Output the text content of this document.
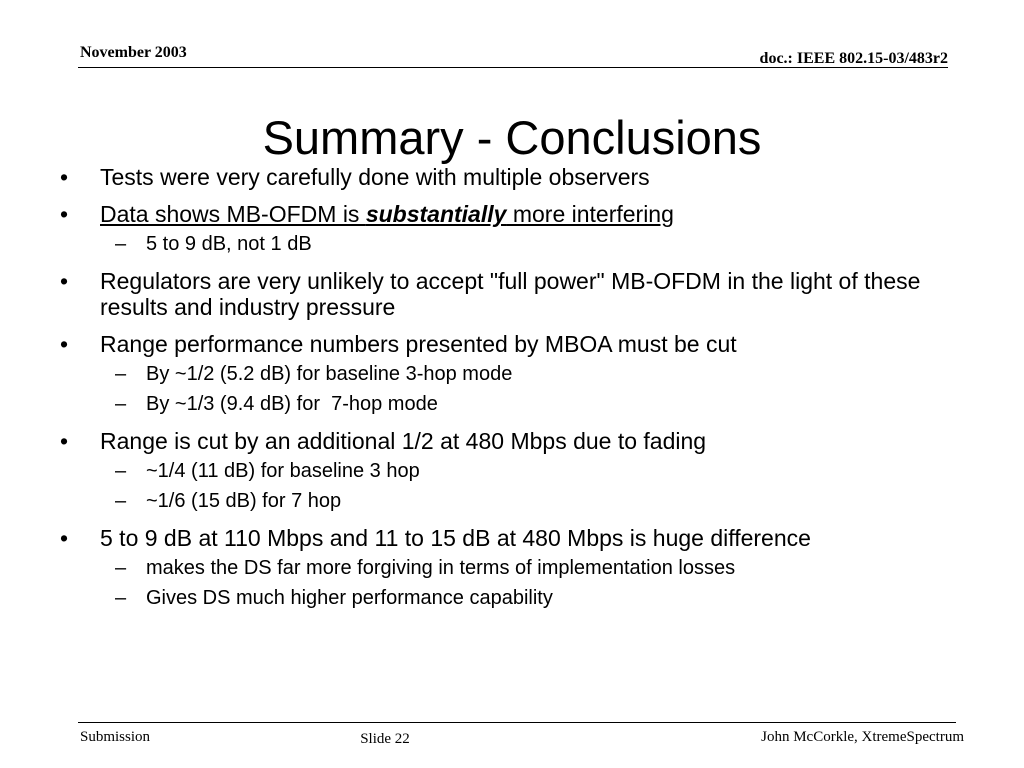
November 2003	doc.: IEEE 802.15-03/483r2
Summary - Conclusions
•	Tests were very carefully done with multiple observers
•	Data shows MB-OFDM is substantially more interfering
– 5 to 9 dB, not 1 dB
•	Regulators are very unlikely to accept "full power" MB-OFDM in the light of these results and industry pressure
•	Range performance numbers presented by MBOA must be cut
– By ~1/2 (5.2 dB) for baseline 3-hop mode
– By ~1/3 (9.4 dB) for  7-hop mode
•	Range is cut by an additional 1/2 at 480 Mbps due to fading
– ~1/4 (11 dB) for baseline 3 hop
– ~1/6 (15 dB) for 7 hop
•	5 to 9 dB at 110 Mbps and 11 to 15 dB at 480 Mbps is huge difference
– makes the DS far more forgiving in terms of implementation losses
– Gives DS much higher performance capability
Submission	Slide 22	John McCorkle, XtremeSpectrum
